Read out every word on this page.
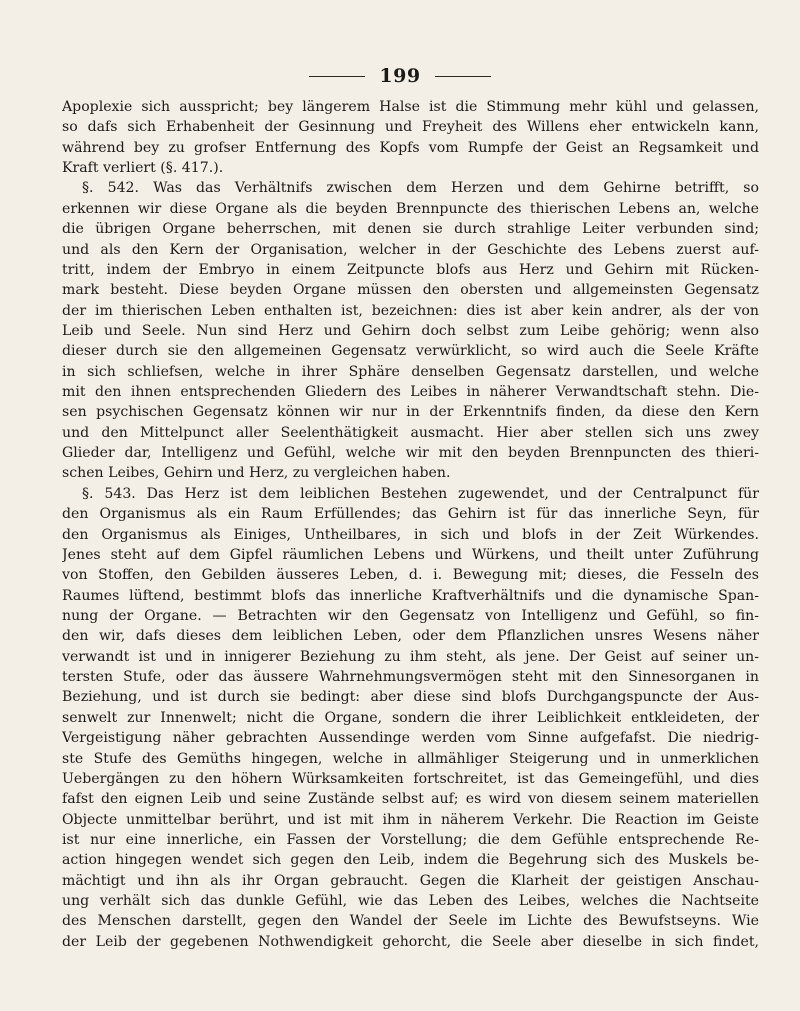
199
Apoplexie sich ausspricht; bey längerem Halse ist die Stimmung mehr kühl und gelassen,
so dafs sich Erhabenheit der Gesinnung und Freyheit des Willens eher entwickeln kann,
während bey zu grofser Entfernung des Kopfs vom Rumpfe der Geist an Regsamkeit und
Kraft verliert (§. 417.).
§. 542. Was das Verhältnifs zwischen dem Herzen und dem Gehirne betrifft, so
erkennen wir diese Organe als die beyden Brennpuncte des thierischen Lebens an, welche
die übrigen Organe beherrschen, mit denen sie durch strahlige Leiter verbunden sind;
und als den Kern der Organisation, welcher in der Geschichte des Lebens zuerst auf-
tritt, indem der Embryo in einem Zeitpuncte blofs aus Herz und Gehirn mit Rücken-
mark besteht. Diese beyden Organe müssen den obersten und allgemeinsten Gegensatz
der im thierischen Leben enthalten ist, bezeichnen: dies ist aber kein andrer, als der von
Leib und Seele. Nun sind Herz und Gehirn doch selbst zum Leibe gehörig; wenn also
dieser durch sie den allgemeinen Gegensatz verwürklicht, so wird auch die Seele Kräfte
in sich schliefsen, welche in ihrer Sphäre denselben Gegensatz darstellen, und welche
mit den ihnen entsprechenden Gliedern des Leibes in näherer Verwandtschaft stehn. Die-
sen psychischen Gegensatz können wir nur in der Erkenntnifs finden, da diese den Kern
und den Mittelpunct aller Seelenthätigkeit ausmacht. Hier aber stellen sich uns zwey
Glieder dar, Intelligenz und Gefühl, welche wir mit den beyden Brennpuncten des thieri-
schen Leibes, Gehirn und Herz, zu vergleichen haben.
§. 543. Das Herz ist dem leiblichen Bestehen zugewendet, und der Centralpunct für
den Organismus als ein Raum Erfüllendes; das Gehirn ist für das innerliche Seyn, für
den Organismus als Einiges, Untheilbares, in sich und blofs in der Zeit Würkendes.
Jenes steht auf dem Gipfel räumlichen Lebens und Würkens, und theilt unter Zuführung
von Stoffen, den Gebilden äusseres Leben, d. i. Bewegung mit; dieses, die Fesseln des
Raumes lüftend, bestimmt blofs das innerliche Kraftverhältnifs und die dynamische Span-
nung der Organe. — Betrachten wir den Gegensatz von Intelligenz und Gefühl, so fin-
den wir, dafs dieses dem leiblichen Leben, oder dem Pflanzlichen unsres Wesens näher
verwandt ist und in innigerer Beziehung zu ihm steht, als jene. Der Geist auf seiner un-
tersten Stufe, oder das äussere Wahrnehmungsvermögen steht mit den Sinnesorganen in
Beziehung, und ist durch sie bedingt: aber diese sind blofs Durchgangspuncte der Aus-
senwelt zur Innenwelt; nicht die Organe, sondern die ihrer Leiblichkeit entkleideten, der
Vergeistigung näher gebrachten Aussendinge werden vom Sinne aufgefafst. Die niedrig-
ste Stufe des Gemüths hingegen, welche in allmähliger Steigerung und in unmerklichen
Uebergängen zu den höhern Würksamkeiten fortschreitet, ist das Gemeingefühl, und dies
fafst den eignen Leib und seine Zustände selbst auf; es wird von diesem seinem materiellen
Objecte unmittelbar berührt, und ist mit ihm in näherem Verkehr. Die Reaction im Geiste
ist nur eine innerliche, ein Fassen der Vorstellung; die dem Gefühle entsprechende Re-
action hingegen wendet sich gegen den Leib, indem die Begehrung sich des Muskels be-
mächtigt und ihn als ihr Organ gebraucht. Gegen die Klarheit der geistigen Anschau-
ung verhält sich das dunkle Gefühl, wie das Leben des Leibes, welches die Nachtseite
des Menschen darstellt, gegen den Wandel der Seele im Lichte des Bewufstseyns. Wie
der Leib der gegebenen Nothwendigkeit gehorcht, die Seele aber dieselbe in sich findet,
